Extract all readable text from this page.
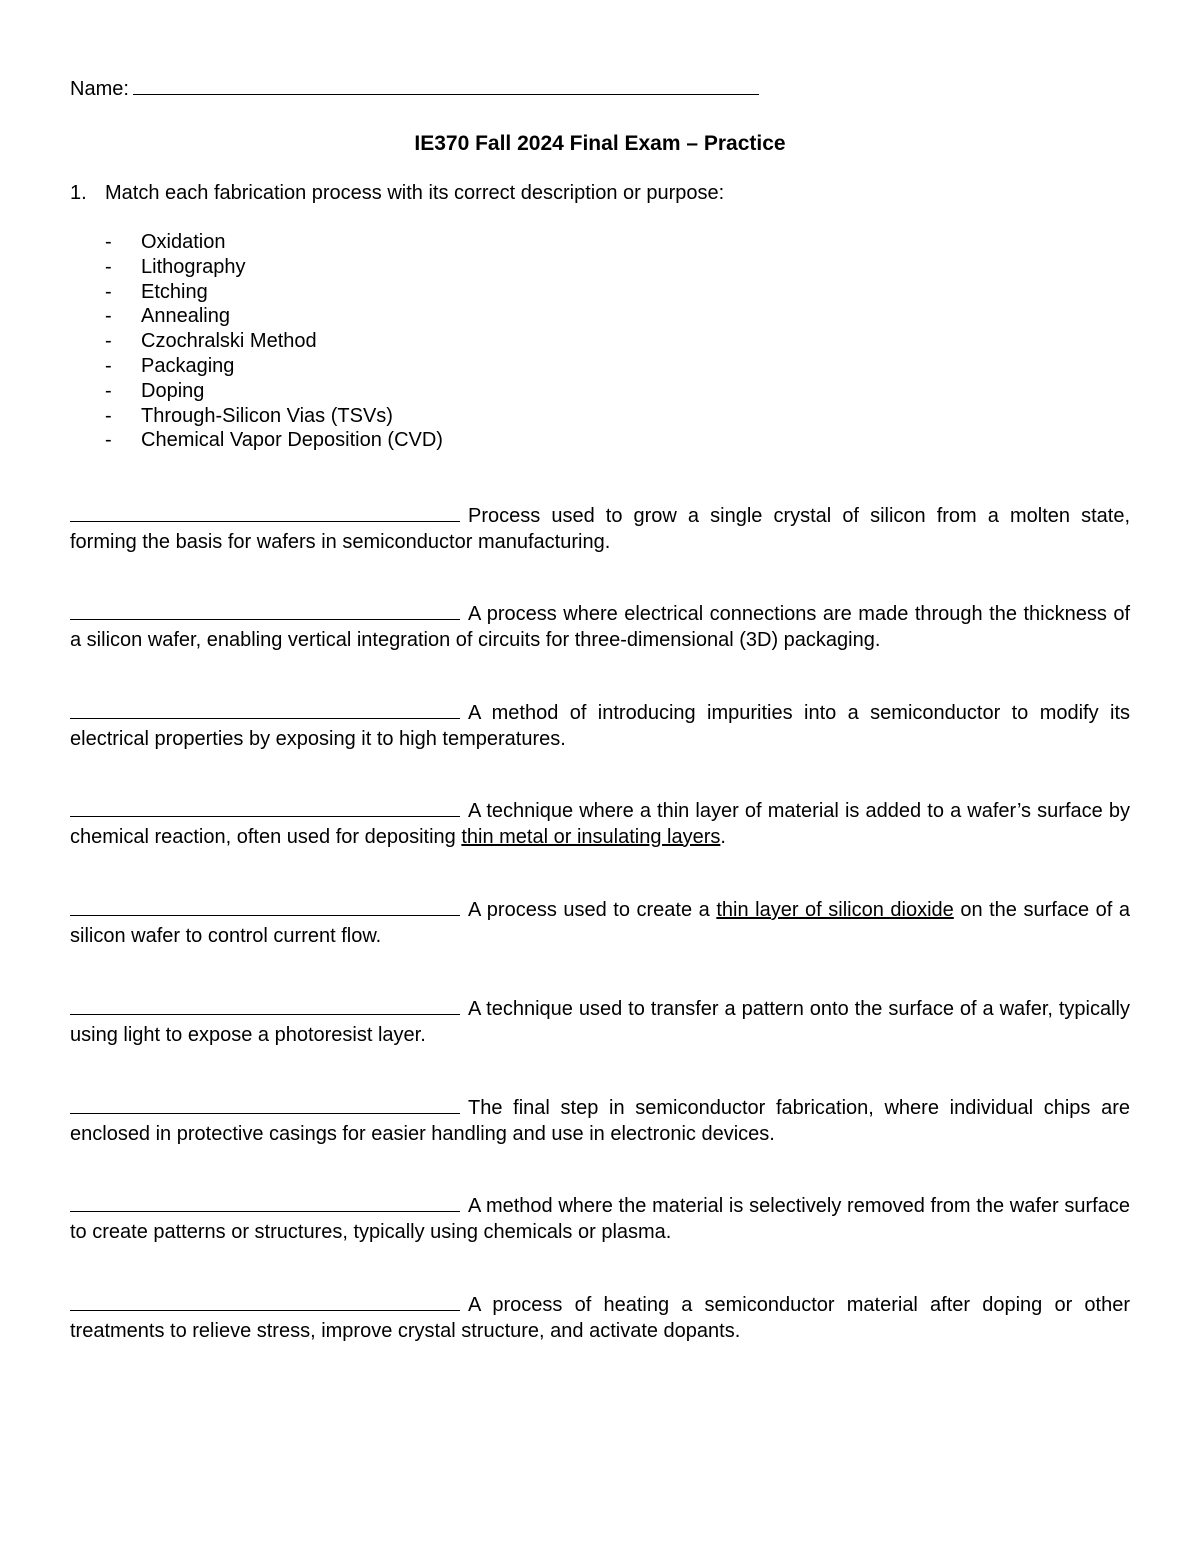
Name:
IE370 Fall 2024 Final Exam – Practice
1. Match each fabrication process with its correct description or purpose:
- Oxidation
- Lithography
- Etching
- Annealing
- Czochralski Method
- Packaging
- Doping
- Through-Silicon Vias (TSVs)
- Chemical Vapor Deposition (CVD)
Process used to grow a single crystal of silicon from a molten state, forming the basis for wafers in semiconductor manufacturing.
A process where electrical connections are made through the thickness of a silicon wafer, enabling vertical integration of circuits for three-dimensional (3D) packaging.
A method of introducing impurities into a semiconductor to modify its electrical properties by exposing it to high temperatures.
A technique where a thin layer of material is added to a wafer’s surface by chemical reaction, often used for depositing thin metal or insulating layers.
A process used to create a thin layer of silicon dioxide on the surface of a silicon wafer to control current flow.
A technique used to transfer a pattern onto the surface of a wafer, typically using light to expose a photoresist layer.
The final step in semiconductor fabrication, where individual chips are enclosed in protective casings for easier handling and use in electronic devices.
A method where the material is selectively removed from the wafer surface to create patterns or structures, typically using chemicals or plasma.
A process of heating a semiconductor material after doping or other treatments to relieve stress, improve crystal structure, and activate dopants.
